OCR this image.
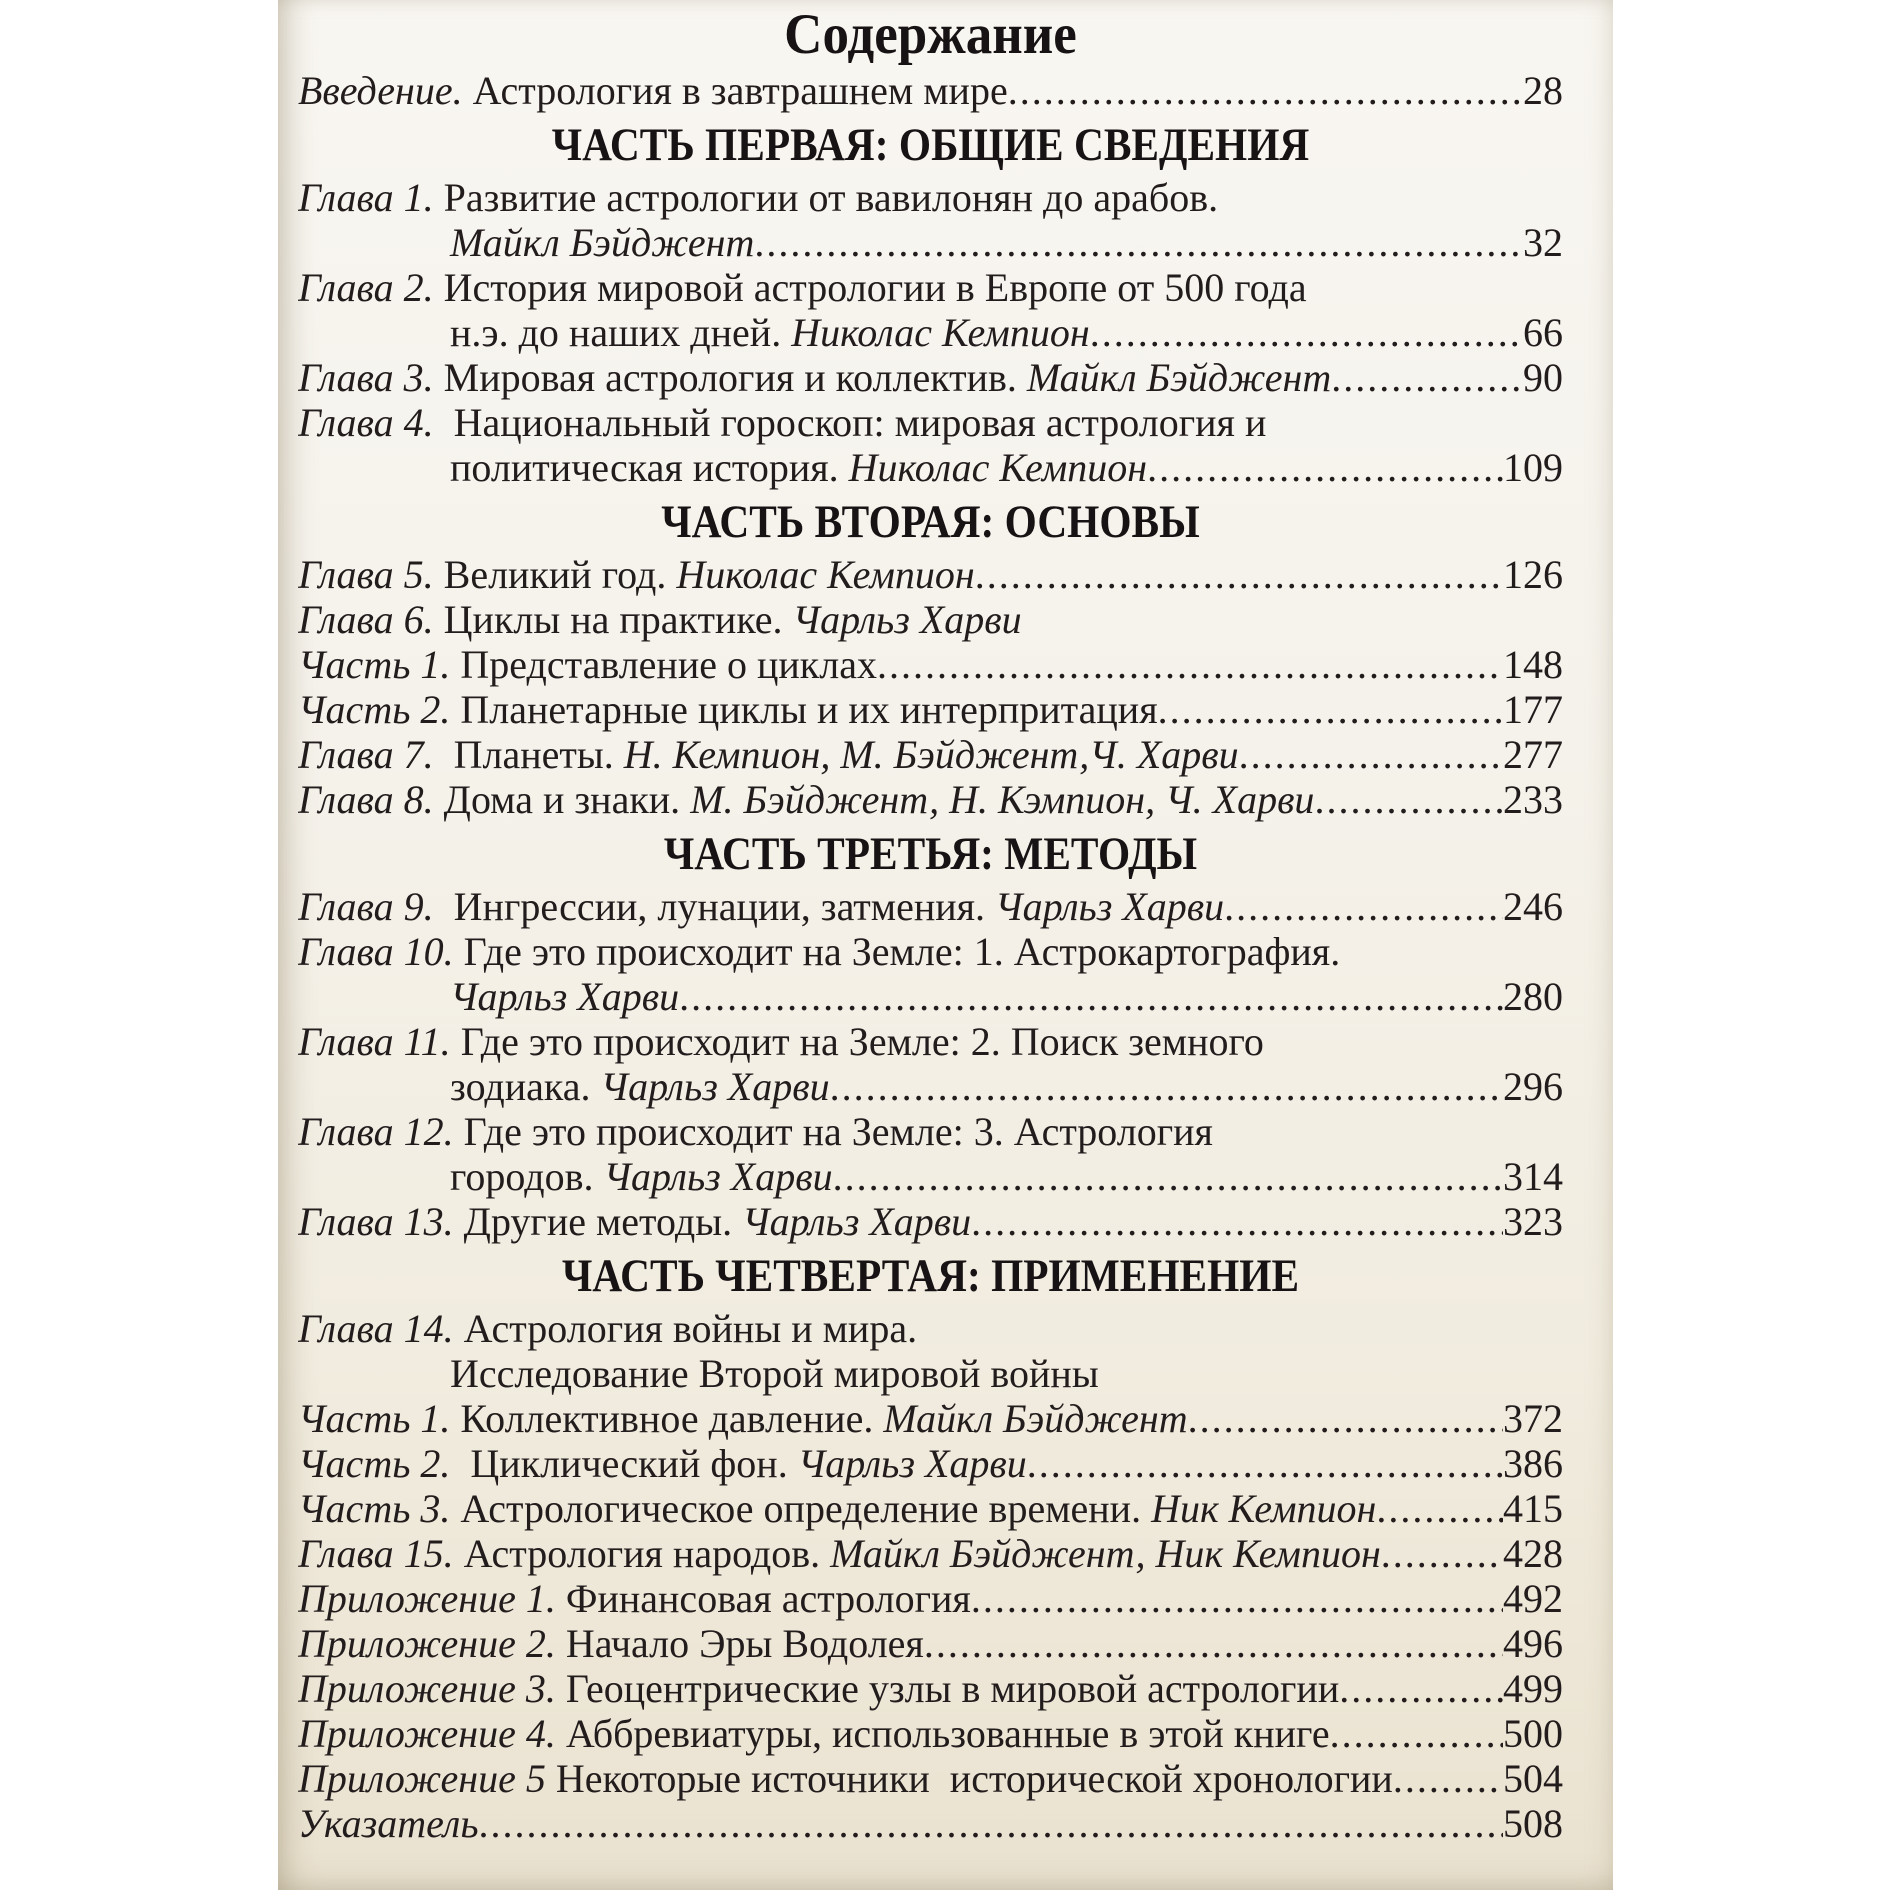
Содержание
Введение. Астрология в завтрашнем мире .....	28
ЧАСТЬ ПЕРВАЯ: ОБЩИЕ СВЕДЕНИЯ
Глава 1. Развитие астрологии от вавилонян до арабов.
Майкл Бэйджент .....	32
Глава 2. История мировой астрологии в Европе от 500 года
н.э. до наших дней. Николас Кемпион .....	66
Глава 3. Мировая астрология и коллектив. Майкл Бэйджент .....	90
Глава 4.  Национальный гороскоп: мировая астрология и
политическая история. Николас Кемпион .....	109
ЧАСТЬ ВТОРАЯ: ОСНОВЫ
Глава 5. Великий год. Николас Кемпион .....	126
Глава 6. Циклы на практике. Чарльз Харви
Часть 1. Представление о циклах .....	148
Часть 2. Планетарные циклы и их интерпритация .....	177
Глава 7.  Планеты. Н. Кемпион, М. Бэйджент,Ч. Харви .....	277
Глава 8. Дома и знаки. М. Бэйджент, Н. Кэмпион, Ч. Харви .....	233
ЧАСТЬ ТРЕТЬЯ: МЕТОДЫ
Глава 9.  Ингрессии, лунации, затмения. Чарльз Харви .....	246
Глава 10. Где это происходит на Земле: 1. Астрокартография.
Чарльз Харви .....	280
Глава 11. Где это происходит на Земле: 2. Поиск земного
зодиака. Чарльз Харви .....	296
Глава 12. Где это происходит на Земле: 3. Астрология
городов. Чарльз Харви .....	314
Глава 13. Другие методы. Чарльз Харви .....	323
ЧАСТЬ ЧЕТВЕРТАЯ: ПРИМЕНЕНИЕ
Глава 14. Астрология войны и мира.
Исследование Второй мировой войны
Часть 1. Коллективное давление. Майкл Бэйджент .....	372
Часть 2.  Циклический фон. Чарльз Харви .....	386
Часть 3. Астрологическое определение времени. Ник Кемпион .....	415
Глава 15. Астрология народов. Майкл Бэйджент, Ник Кемпион .....	428
Приложение 1. Финансовая астрология .....	492
Приложение 2. Начало Эры Водолея .....	496
Приложение 3. Геоцентрические узлы в мировой астрологии .....	499
Приложение 4. Аббревиатуры, использованные в этой книге .....	500
Приложение 5 Некоторые источники  исторической хронологии .....	504
Указатель .....	508
